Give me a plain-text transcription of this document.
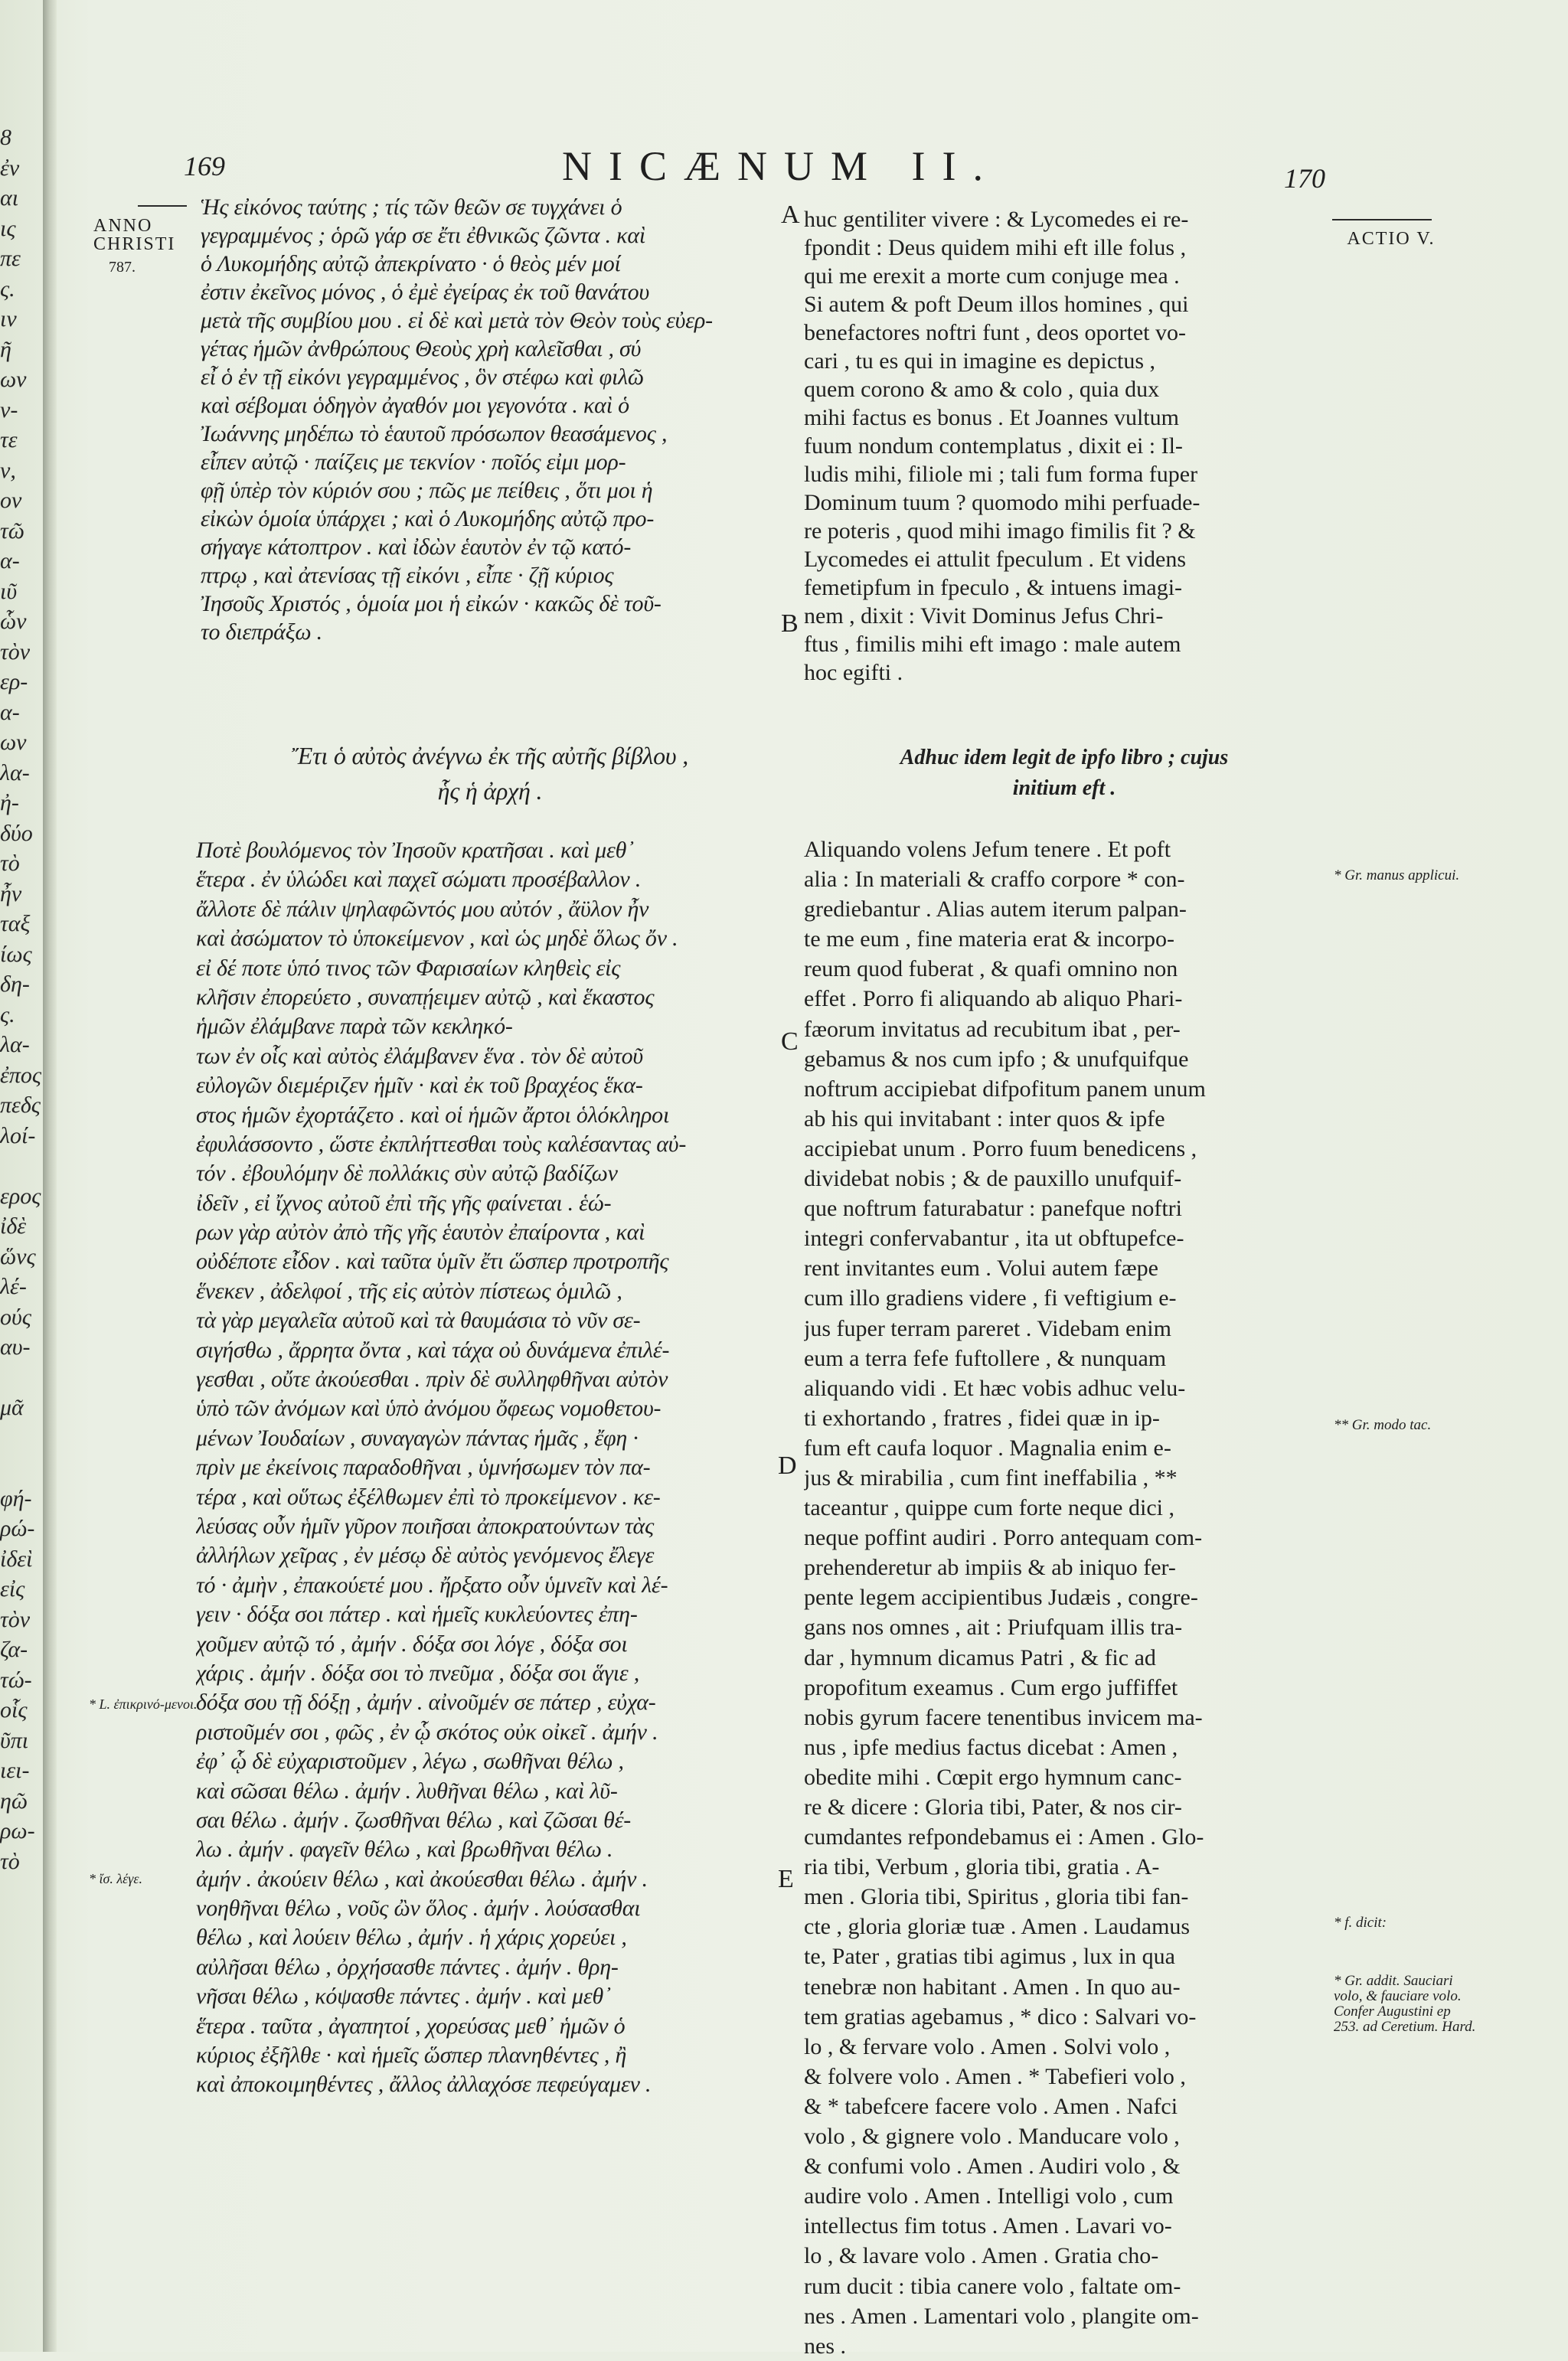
8
ἐν
αι
ις
πε
ς.
ιν
ῆ
ων
ν-
τε
ν,
ον
τῶ
α-
ιῦ
ὧν
τὸν
ερ-
α-
ων
λα-
ἠ-
δύο
τὸ
ἦν
ταξ
ίως
δη-
ς.
λα-
ἐπος
πεδς
λοί-
ερος
ἰδὲ
ὥνς
λέ-
ούς
αυ-
μᾶ
φή-
ρώ-
ἰδεὶ
εἰς
τὸν
ζα-
τώ-
οἷς
ῦπι
ιει-
ηῶ
ρω-
τὸ
169	NICÆNUM II.	170
ANNO CHRISTI
787.
ACTIO V.
A
B
C
D
E
Ἡς εἰκόνος ταύτης ; τίς τῶν θεῶν σε τυγχάνει ὁ
γεγραμμένος ; ὁρῶ γάρ σε ἔτι ἐθνικῶς ζῶντα . καὶ
ὁ Λυκομήδης αὐτῷ ἀπεκρίνατο · ὁ θεὸς μέν μοί
ἐστιν ἐκεῖνος μόνος , ὁ ἐμὲ ἐγείρας ἐκ τοῦ θανάτου
μετὰ τῆς συμβίου μου . εἰ δὲ καὶ μετὰ τὸν Θεὸν τοὺς εὐερ-
γέτας ἡμῶν ἀνθρώπους Θεοὺς χρὴ καλεῖσθαι , σύ
εἶ ὁ ἐν τῇ εἰκόνι γεγραμμένος , ὃν στέφω καὶ φιλῶ
καὶ σέβομαι ὁδηγὸν ἀγαθόν μοι γεγονότα . καὶ ὁ
Ἰωάννης μηδέπω τὸ ἑαυτοῦ πρόσωπον θεασάμενος ,
εἶπεν αὐτῷ · παίζεις με τεκνίον · ποῖός εἰμι μορ-
φῇ ὑπὲρ τὸν κύριόν σου ; πῶς με πείθεις , ὅτι μοι ἡ
εἰκὼν ὁμοία ὑπάρχει ; καὶ ὁ Λυκομήδης αὐτῷ προ-
σήγαγε κάτοπτρον . καὶ ἰδὼν ἑαυτὸν ἐν τῷ κατό-
πτρῳ , καὶ ἀτενίσας τῇ εἰκόνι , εἶπε · ζῇ κύριος
Ἰησοῦς Χριστός , ὁμοία μοι ἡ εἰκών · κακῶς δὲ τοῦ-
το διεπράξω .
huc gentiliter vivere : & Lycomedes ei re-
fpondit : Deus quidem mihi eft ille folus ,
qui me erexit a morte cum conjuge mea .
Si autem & poft Deum illos homines , qui
benefactores noftri funt , deos oportet vo-
cari , tu es qui in imagine es depictus ,
quem corono & amo & colo , quia dux
mihi factus es bonus . Et Joannes vultum
fuum nondum contemplatus , dixit ei : Il-
ludis mihi, filiole mi ; tali fum forma fuper
Dominum tuum ? quomodo mihi perfuade-
re poteris , quod mihi imago fimilis fit ? &
Lycomedes ei attulit fpeculum . Et videns
femetipfum in fpeculo , & intuens imagi-
nem , dixit : Vivit Dominus Jefus Chri-
ftus , fimilis mihi eft imago : male autem
hoc egifti .
Ἔτι ὁ αὐτὸς ἀνέγνω ἐκ τῆς αὐτῆς βίβλου ,
ἧς ἡ ἀρχή .
Adhuc idem legit de ipfo libro ; cujus
initium eft .
Ποτὲ βουλόμενος τὸν Ἰησοῦν κρατῆσαι . καὶ μεθ᾽
ἕτερα . ἐν ὑλώδει καὶ παχεῖ σώματι προσέβαλλον .
ἄλλοτε δὲ πάλιν ψηλαφῶντός μου αὐτόν , ἄϋλον ἦν
καὶ ἀσώματον τὸ ὑποκείμενον , καὶ ὡς μηδὲ ὅλως ὄν .
εἰ δέ ποτε ὑπό τινος τῶν Φαρισαίων κληθεὶς εἰς
κλῆσιν ἐπορεύετο , συναπῄειμεν αὐτῷ , καὶ ἕκαστος
ἡμῶν ἐλάμβανε παρὰ τῶν κεκληκό-
των ἐν οἷς καὶ αὐτὸς ἐλάμβανεν ἕνα . τὸν δὲ αὐτοῦ
εὐλογῶν διεμέριζεν ἡμῖν · καὶ ἐκ τοῦ βραχέος ἕκα-
στος ἡμῶν ἐχορτάζετο . καὶ οἱ ἡμῶν ἄρτοι ὁλόκληροι
ἐφυλάσσοντο , ὥστε ἐκπλήττεσθαι τοὺς καλέσαντας αὐ-
τόν . ἐβουλόμην δὲ πολλάκις σὺν αὐτῷ βαδίζων
ἰδεῖν , εἰ ἴχνος αὐτοῦ ἐπὶ τῆς γῆς φαίνεται . ἑώ-
ρων γὰρ αὐτὸν ἀπὸ τῆς γῆς ἑαυτὸν ἐπαίροντα , καὶ
οὐδέποτε εἶδον . καὶ ταῦτα ὑμῖν ἔτι ὥσπερ προτροπῆς
ἕνεκεν , ἀδελφοί , τῆς εἰς αὐτὸν πίστεως ὁμιλῶ ,
τὰ γὰρ μεγαλεῖα αὐτοῦ καὶ τὰ θαυμάσια τὸ νῦν σε-
σιγήσθω , ἄρρητα ὄντα , καὶ τάχα οὐ δυνάμενα ἐπιλέ-
γεσθαι , οὔτε ἀκούεσθαι . πρὶν δὲ συλληφθῆναι αὐτὸν
ὑπὸ τῶν ἀνόμων καὶ ὑπὸ ἀνόμου ὄφεως νομοθετου-
μένων Ἰουδαίων , συναγαγὼν πάντας ἡμᾶς , ἔφη ·
πρὶν με ἐκείνοις παραδοθῆναι , ὑμνήσωμεν τὸν πα-
τέρα , καὶ οὕτως ἐξέλθωμεν ἐπὶ τὸ προκείμενον . κε-
λεύσας οὖν ἡμῖν γῦρον ποιῆσαι ἀποκρατούντων τὰς
ἀλλήλων χεῖρας , ἐν μέσῳ δὲ αὐτὸς γενόμενος ἔλεγε
τό · ἀμὴν , ἐπακούετέ μου . ἤρξατο οὖν ὑμνεῖν καὶ λέ-
γειν · δόξα σοι πάτερ . καὶ ἡμεῖς κυκλεύοντες ἐπη-
χοῦμεν αὐτῷ τό , ἀμήν . δόξα σοι λόγε , δόξα σοι
χάρις . ἀμήν . δόξα σοι τὸ πνεῦμα , δόξα σοι ἅγιε ,
δόξα σου τῇ δόξῃ , ἀμήν . αἰνοῦμέν σε πάτερ , εὐχα-
ριστοῦμέν σοι , φῶς , ἐν ᾧ σκότος οὐκ οἰκεῖ . ἀμήν .
ἐφ᾽ ᾧ δὲ εὐχαριστοῦμεν , λέγω , σωθῆναι θέλω ,
καὶ σῶσαι θέλω . ἀμήν . λυθῆναι θέλω , καὶ λῦ-
σαι θέλω . ἀμήν . ζωσθῆναι θέλω , καὶ ζῶσαι θέ-
λω . ἀμήν . φαγεῖν θέλω , καὶ βρωθῆναι θέλω .
ἀμήν . ἀκούειν θέλω , καὶ ἀκούεσθαι θέλω . ἀμήν .
νοηθῆναι θέλω , νοῦς ὢν ὅλος . ἀμήν . λούσασθαι
θέλω , καὶ λούειν θέλω , ἀμήν . ἡ χάρις χορεύει ,
αὐλῆσαι θέλω , ὀρχήσασθε πάντες . ἀμήν . θρη-
νῆσαι θέλω , κόψασθε πάντες . ἀμήν . καὶ μεθ᾽
ἕτερα . ταῦτα , ἀγαπητοί , χορεύσας μεθ᾽ ἡμῶν ὁ
κύριος ἐξῆλθε · καὶ ἡμεῖς ὥσπερ πλανηθέντες , ἢ
καὶ ἀποκοιμηθέντες , ἄλλος ἀλλαχόσε πεφεύγαμεν .
Aliquando volens Jefum tenere . Et poft
alia : In materiali & craffo corpore * con-
grediebantur . Alias autem iterum palpan-
te me eum , fine materia erat & incorpo-
reum quod fuberat , & quafi omnino non
effet . Porro fi aliquando ab aliquo Phari-
fæorum invitatus ad recubitum ibat , per-
gebamus & nos cum ipfo ; & unufquifque
noftrum accipiebat difpofitum panem unum
ab his qui invitabant : inter quos & ipfe
accipiebat unum . Porro fuum benedicens ,
dividebat nobis ; & de pauxillo unufquif-
que noftrum faturabatur : panefque noftri
integri confervabantur , ita ut obftupefce-
rent invitantes eum . Volui autem fæpe
cum illo gradiens videre , fi veftigium e-
jus fuper terram pareret . Videbam enim
eum a terra fefe fuftollere , & nunquam
aliquando vidi . Et hæc vobis adhuc velu-
ti exhortando , fratres , fidei quæ in ip-
fum eft caufa loquor . Magnalia enim e-
jus & mirabilia , cum fint ineffabilia , **
taceantur , quippe cum forte neque dici ,
neque poffint audiri . Porro antequam com-
prehenderetur ab impiis & ab iniquo fer-
pente legem accipientibus Judæis , congre-
gans nos omnes , ait : Priufquam illis tra-
dar , hymnum dicamus Patri , & fic ad
propofitum exeamus . Cum ergo juffiffet
nobis gyrum facere tenentibus invicem ma-
nus , ipfe medius factus dicebat : Amen ,
obedite mihi . Cœpit ergo hymnum canc-
re & dicere : Gloria tibi, Pater, & nos cir-
cumdantes refpondebamus ei : Amen . Glo-
ria tibi, Verbum , gloria tibi, gratia . A-
men . Gloria tibi, Spiritus , gloria tibi fan-
cte , gloria gloriæ tuæ . Amen . Laudamus
te, Pater , gratias tibi agimus , lux in qua
tenebræ non habitant . Amen . In quo au-
tem gratias agebamus , * dico : Salvari vo-
lo , & fervare volo . Amen . Solvi volo ,
& folvere volo . Amen . * Tabefieri volo ,
& * tabefcere facere volo . Amen . Nafci
volo , & gignere volo . Manducare volo ,
& confumi volo . Amen . Audiri volo , &
audire volo . Amen . Intelligi volo , cum
intellectus fim totus . Amen . Lavari vo-
lo , & lavare volo . Amen . Gratia cho-
rum ducit : tibia canere volo , faltate om-
nes . Amen . Lamentari volo , plangite om-
nes .
* Gr. manus applicui.
** Gr. modo tac.
* f. dicit:
* Gr. addit. Sauciari volo, & fauciare volo. Confer Augustini ep 253. ad Ceretium. Hard.
* L. ἐπικρινό-μενοι.
* ἴσ. λέγε.
